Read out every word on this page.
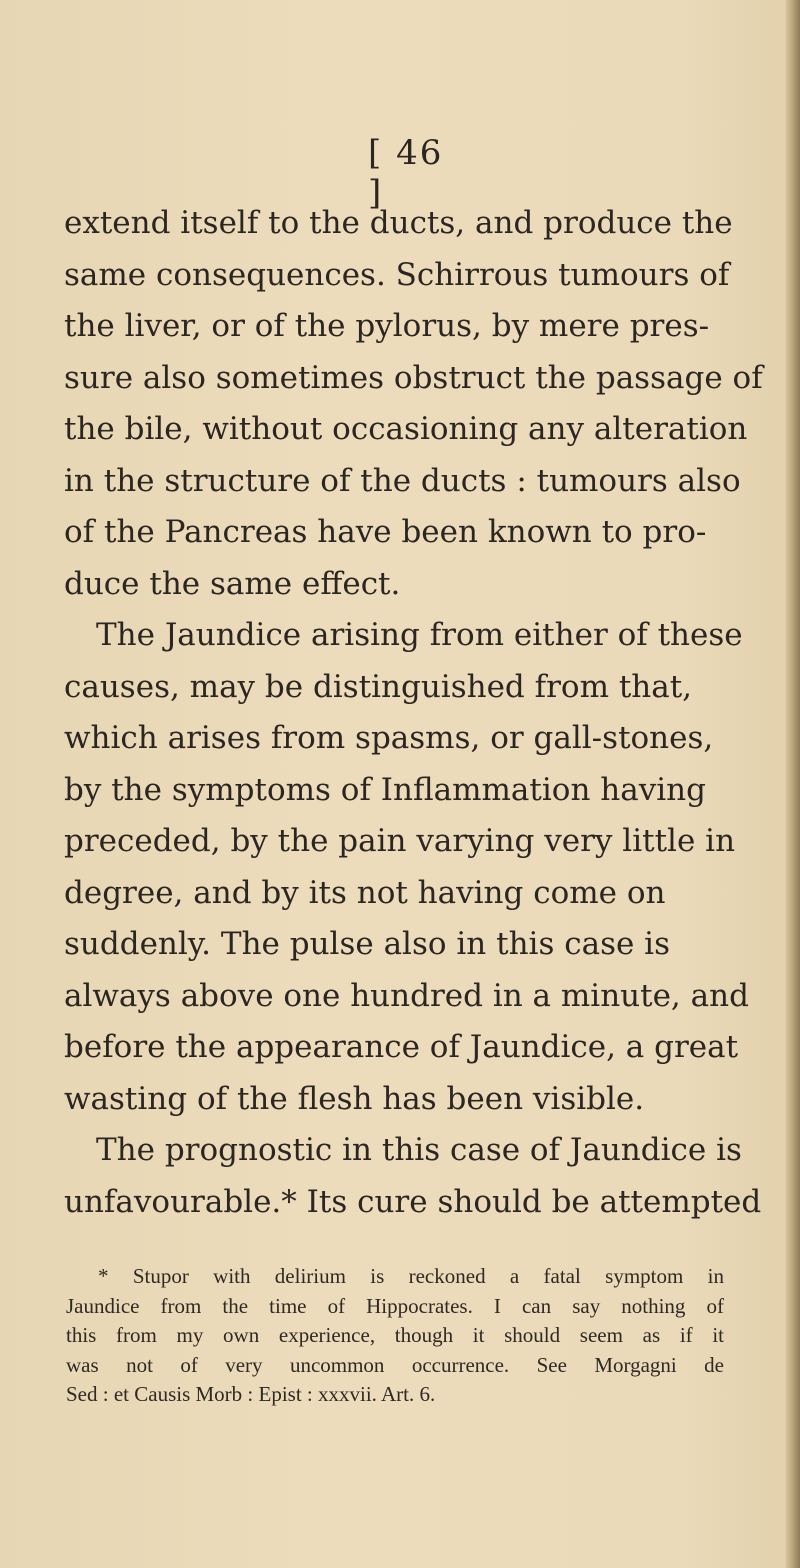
[ 46 ]
extend itself to the ducts, and produce the
same consequences. Schirrous tumours of
the liver, or of the pylorus, by mere pres-
sure also sometimes obstruct the passage of
the bile, without occasioning any alteration
in the structure of the ducts : tumours also
of the Pancreas have been known to pro-
duce the same effect.
The Jaundice arising from either of these
causes, may be distinguished from that,
which arises from spasms, or gall-stones,
by the symptoms of Inflammation having
preceded, by the pain varying very little in
degree, and by its not having come on
suddenly. The pulse also in this case is
always above one hundred in a minute, and
before the appearance of Jaundice, a great
wasting of the flesh has been visible.
The prognostic in this case of Jaundice is
unfavourable.* Its cure should be attempted
* Stupor with delirium is reckoned a fatal symptom in
Jaundice from the time of Hippocrates. I can say nothing of
this from my own experience, though it should seem as if it
was not of very uncommon occurrence. See Morgagni de
Sed : et Causis Morb : Epist : xxxvii. Art. 6.
